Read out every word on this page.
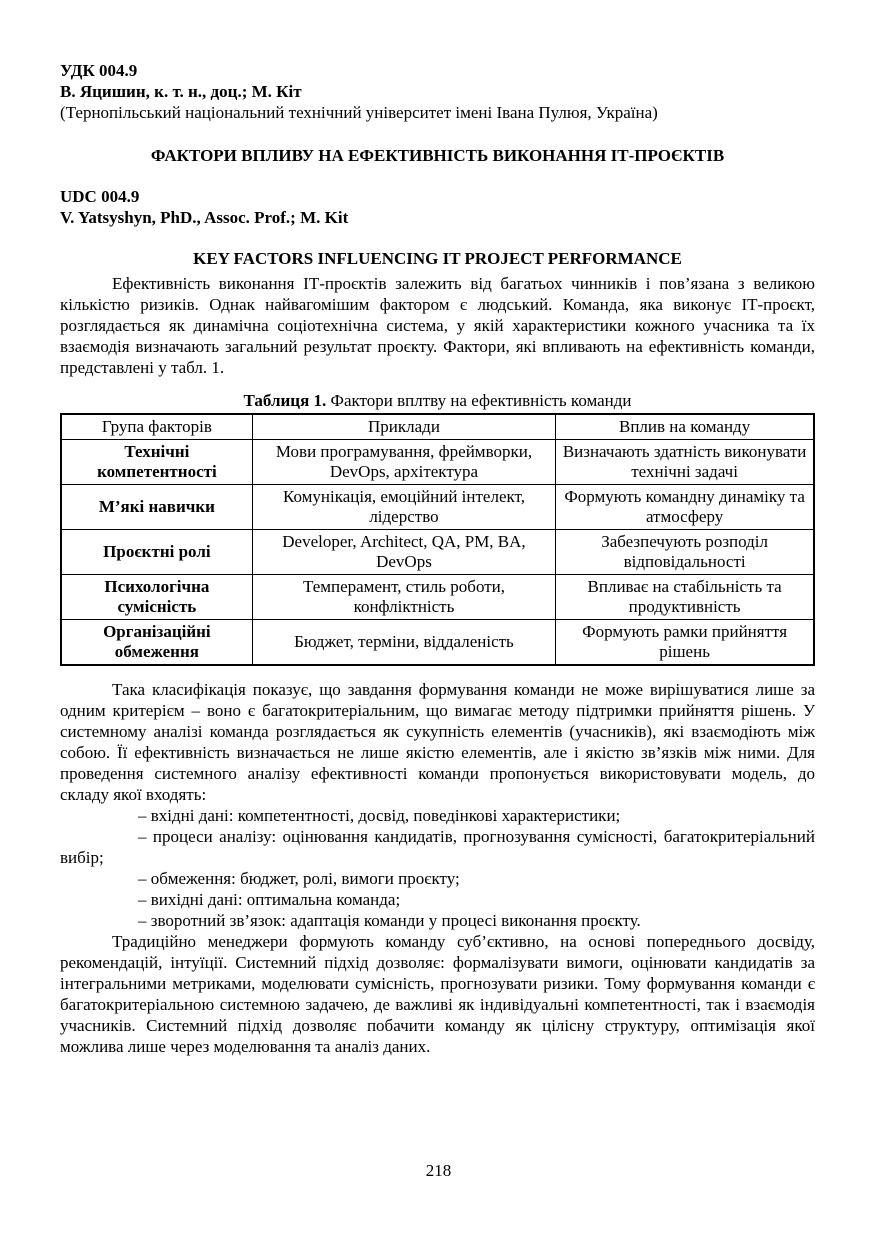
УДК 004.9

В. Яцишин, к. т. н., доц.; М. Кіт

(Тернопільський національний технічний університет імені Івана Пулюя, Україна)

ФАКТОРИ ВПЛИВУ НА ЕФЕКТИВНІСТЬ ВИКОНАННЯ ІТ-ПРОЄКТІВ

UDC 004.9

V. Yatsyshyn, PhD., Assoc. Prof.; M. Kit

KEY FACTORS INFLUENCING IT PROJECT PERFORMANCE

Ефективність виконання ІТ-проєктів залежить від багатьох чинників і пов’язана з великою кількістю ризиків. Однак найвагомішим фактором є людський. Команда, яка виконує ІТ-проєкт, розглядається як динамічна соціотехнічна система, у якій характеристики кожного учасника та їх взаємодія визначають загальний результат проєкту. Фактори, які впливають на ефективність команди, представлені у табл. 1.

Таблиця 1. Фактори вплтву на ефективність команди

Група факторів	Приклади	Вплив на команду
Технічні компетентності	Мови програмування, фреймворки, DevOps, архітектура	Визначають здатність виконувати технічні задачі
М’які навички	Комунікація, емоційний інтелект, лідерство	Формують командну динаміку та атмосферу
Проєктні ролі	Developer, Architect, QA, PM, BA, DevOps	Забезпечують розподіл відповідальності
Психологічна сумісність	Темперамент, стиль роботи, конфліктність	Впливає на стабільність та продуктивність
Організаційні обмеження	Бюджет, терміни, віддаленість	Формують рамки прийняття рішень

Така класифікація показує, що завдання формування команди не може вирішуватися лише за одним критерієм – воно є багатокритеріальним, що вимагає методу підтримки прийняття рішень. У системному аналізі команда розглядається як сукупність елементів (учасників), які взаємодіють між собою. Її ефективність визначається не лише якістю елементів, але і якістю зв’язків між ними. Для проведення системного аналізу ефективності команди пропонується використовувати модель, до складу якої входять:

– вхідні дані: компетентності, досвід, поведінкові характеристики;

– процеси аналізу: оцінювання кандидатів, прогнозування сумісності, багатокритеріальний вибір;

– обмеження: бюджет, ролі, вимоги проєкту;

– вихідні дані: оптимальна команда;

– зворотний зв’язок: адаптація команди у процесі виконання проєкту.

Традиційно менеджери формують команду суб’єктивно, на основі попереднього досвіду, рекомендацій, інтуїції. Системний підхід дозволяє: формалізувати вимоги, оцінювати кандидатів за інтегральними метриками, моделювати сумісність, прогнозувати ризики. Тому формування команди є багатокритеріальною системною задачею, де важливі як індивідуальні компетентності, так і взаємодія учасників. Системний підхід дозволяє побачити команду як цілісну структуру, оптимізація якої можлива лише через моделювання та аналіз даних.

218
